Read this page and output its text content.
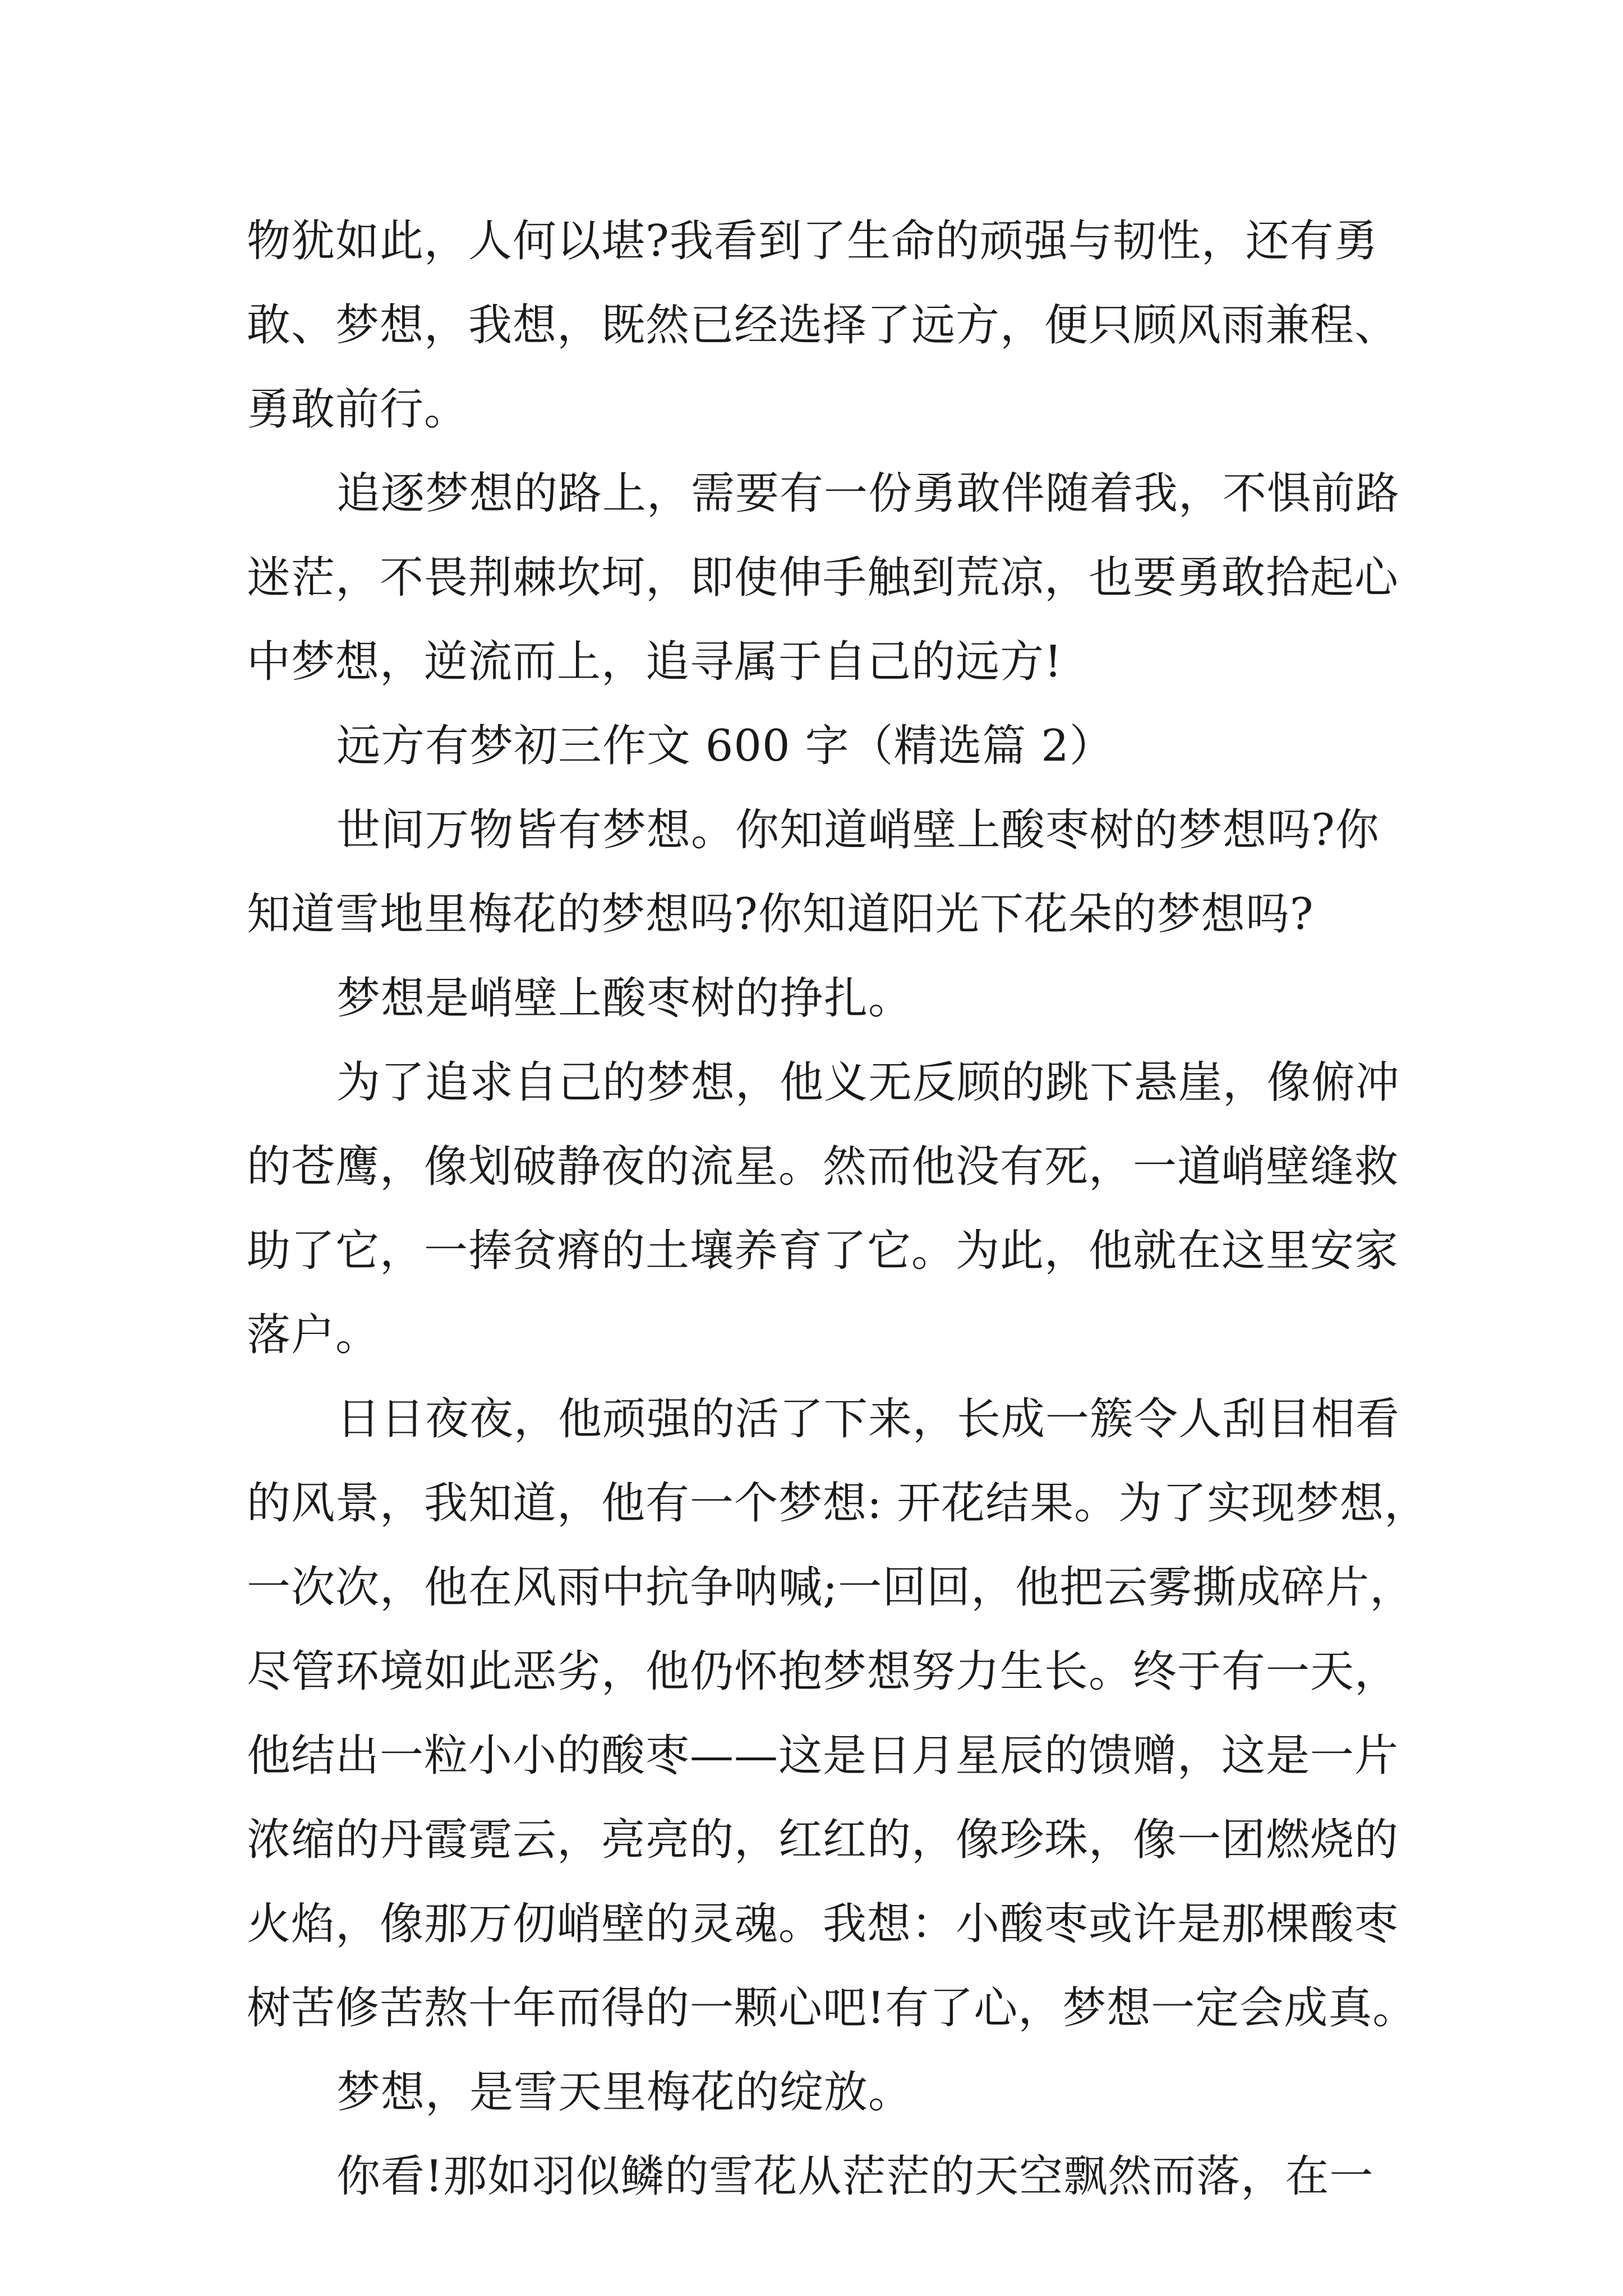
物犹如此，人何以堪?我看到了生命的顽强与韧性，还有勇
敢、梦想，我想，既然已经选择了远方，便只顾风雨兼程、
勇敢前行。
追逐梦想的路上，需要有一份勇敢伴随着我，不惧前路
迷茫，不畏荆棘坎坷，即使伸手触到荒凉，也要勇敢拾起心
中梦想，逆流而上，追寻属于自己的远方!
远方有梦初三作文 600 字（精选篇 2）
世间万物皆有梦想。你知道峭壁上酸枣树的梦想吗?你
知道雪地里梅花的梦想吗?你知道阳光下花朵的梦想吗?
梦想是峭壁上酸枣树的挣扎。
为了追求自己的梦想，他义无反顾的跳下悬崖，像俯冲
的苍鹰，像划破静夜的流星。然而他没有死，一道峭壁缝救
助了它，一捧贫瘠的土壤养育了它。为此，他就在这里安家
落户。
日日夜夜，他顽强的活了下来，长成一簇令人刮目相看
的风景，我知道，他有一个梦想: 开花结果。为了实现梦想，
一次次，他在风雨中抗争呐喊;一回回，他把云雾撕成碎片，
尽管环境如此恶劣，他仍怀抱梦想努力生长。终于有一天，
他结出一粒小小的酸枣——这是日月星辰的馈赠，这是一片
浓缩的丹霞霓云，亮亮的，红红的，像珍珠，像一团燃烧的
火焰，像那万仞峭壁的灵魂。我想：小酸枣或许是那棵酸枣
树苦修苦熬十年而得的一颗心吧!有了心，梦想一定会成真。
梦想，是雪天里梅花的绽放。
你看!那如羽似鳞的雪花从茫茫的天空飘然而落，在一
